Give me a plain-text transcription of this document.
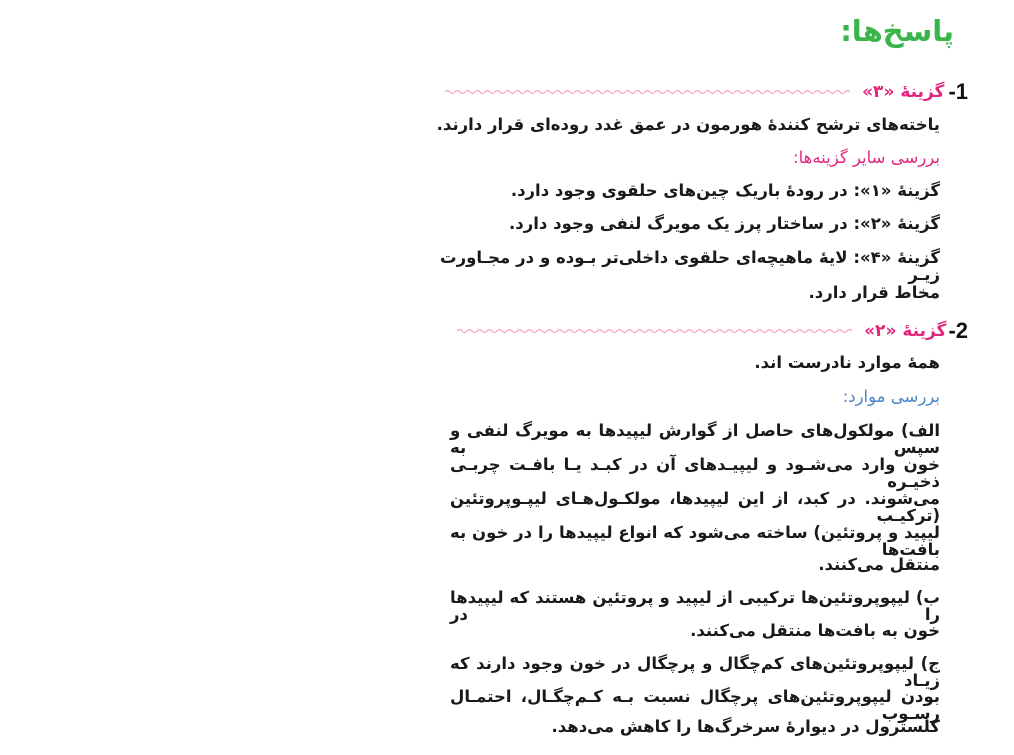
پاسخ‌ها:
-1
گزینهٔ «۳»
یاخته‌های ترشح کنندهٔ هورمون در عمق غدد روده‌ای قرار دارند.
بررسی سایر گزینه‌ها:
گزینهٔ «۱»: در رودهٔ باریک چین‌های حلقوی وجود دارد.
گزینهٔ «۲»: در ساختار پرز یک مویرگ لنفی وجود دارد.
گزینهٔ «۴»: لایهٔ ماهیچه‌ای حلقوی داخلی‌تر بـوده و در مجـاورت زیـر
مخاط قرار دارد.
-2
گزینهٔ «۲»
همهٔ موارد نادرست اند.
بررسی موارد:
الف) مولکول‌های حاصل از گوارش لیپیدها به مویرگ لنفی و سپس به
خون وارد می‌شـود و لیپیـدهای آن در کبـد یـا بافـت چربـی ذخیـره
می‌شوند. در کبد، از این لیپیدها، مولکـول‌هـای لیپـوپروتئین (ترکیـب
لیپید و پروتئین) ساخته می‌شود که انواع لیپیدها را در خون به بافت‌ها
منتقل می‌کنند.
ب) لیپوپروتئین‌ها ترکیبی از لیپید و پروتئین هستند که لیپیدها را در
خون به بافت‌ها منتقل می‌کنند.
ج) لیپوپروتئین‌های کم‌چگال و پرچگال در خون وجود دارند که زیـاد
بودن لیپوپروتئین‌های پرچگال نسبت بـه کـم‌چگـال، احتمـال رسـوب
کلسترول در دیوارهٔ سرخرگ‌ها را کاهش می‌دهد.
